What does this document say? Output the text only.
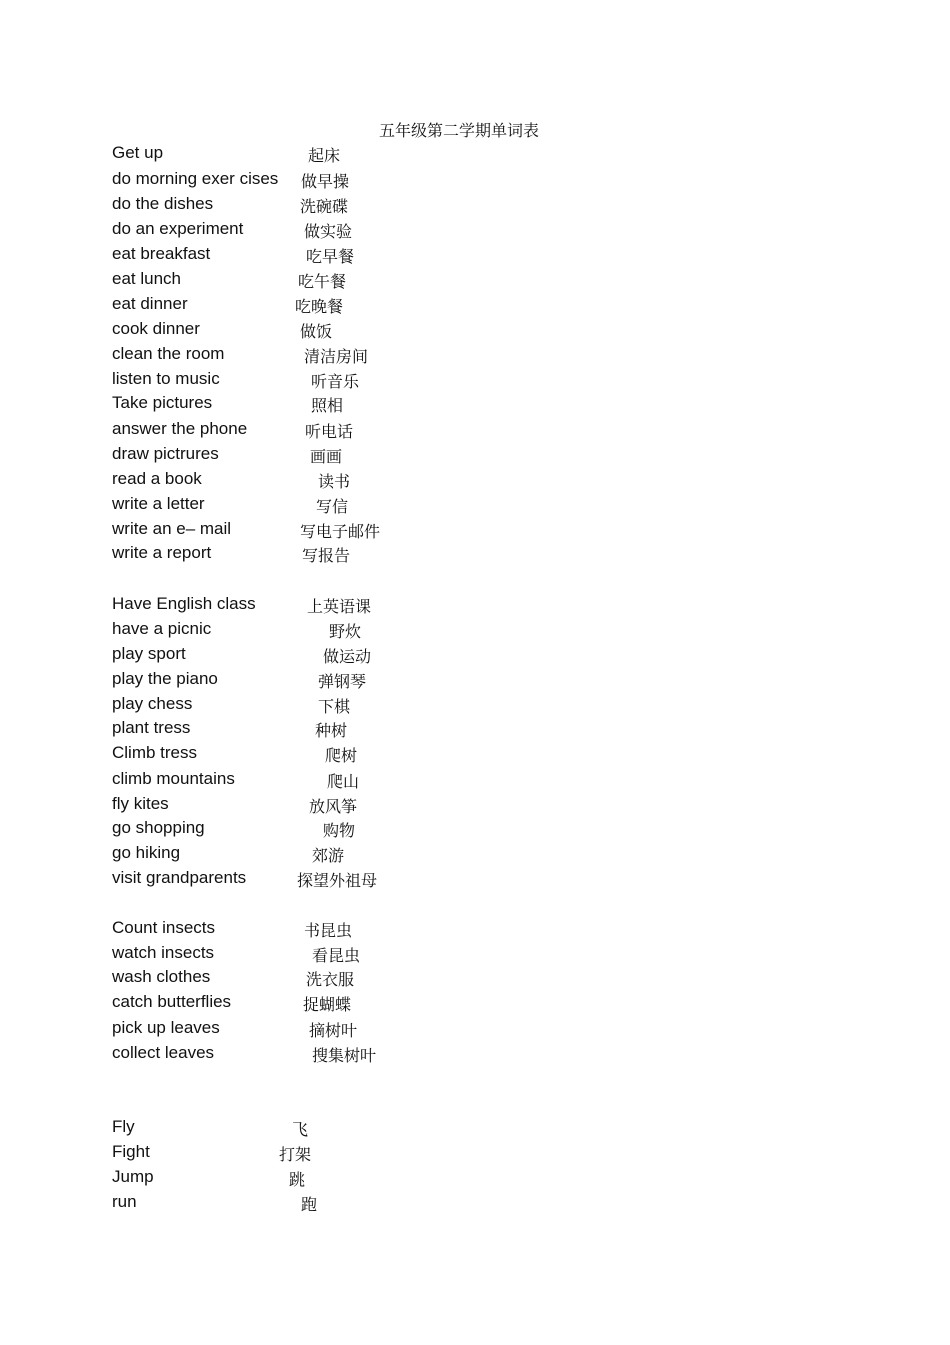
五年级第二学期单词表
Get up	起床
do morning exer cises 做早操
do the dishes	洗碗碟
do an experiment	做实验
eat breakfast	吃早餐
eat lunch	吃午餐
eat dinner	吃晚餐
cook dinner	做饭
clean the room	清洁房间
listen to music	听音乐
Take pictures	照相
answer the phone	听电话
draw pictrures	画画
read a book	读书
write a letter	写信
write an e– mail	写电子邮件
write a report	写报告
Have English class	上英语课
have a picnic	野炊
play sport	做运动
play the piano	弹钢琴
play chess	下棋
plant tress	种树
Climb tress	爬树
climb mountains	爬山
fly kites	放风筝
go shopping	购物
go hiking	郊游
visit grandparents	探望外祖母
Count insects	书昆虫
watch insects	看昆虫
wash clothes	洗衣服
catch butterflies	捉蝴蝶
pick up leaves	摘树叶
collect leaves	搜集树叶
Fly	飞
Fight	打架
Jump	跳
run	跑
